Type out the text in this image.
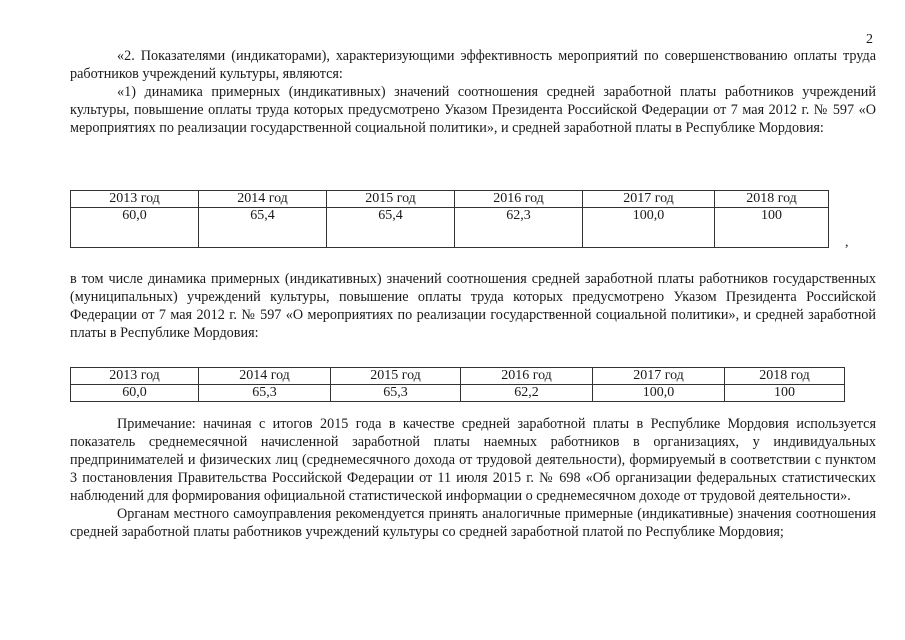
2

«2. Показателями (индикаторами), характеризующими эффективность мероприятий по совершенствованию оплаты труда работников учреждений культуры, являются:

«1) динамика примерных (индикативных) значений соотношения средней заработной платы работников учреждений культуры, повышение оплаты труда которых предусмотрено Указом Президента Российской Федерации от 7 мая 2012 г. № 597 «О мероприятиях по реализации государственной социальной политики», и средней заработной платы в Республике Мордовия:

2013 год	2014 год	2015 год	2016 год	2017 год	2018 год
60,0	65,4	65,4	62,3	100,0	100
,

в том числе динамика примерных (индикативных) значений соотношения средней заработной платы работников государственных (муниципальных) учреждений культуры, повышение оплаты труда которых предусмотрено Указом Президента Российской Федерации от 7 мая 2012 г. № 597 «О мероприятиях по реализации государственной социальной политики», и средней заработной платы в Республике Мордовия:

2013 год	2014 год	2015 год	2016 год	2017 год	2018 год
60,0	65,3	65,3	62,2	100,0	100

Примечание: начиная с итогов 2015 года в качестве средней заработной платы в Республике Мордовия используется показатель среднемесячной начисленной заработной платы наемных работников в организациях, у индивидуальных предпринимателей и физических лиц (среднемесячного дохода от трудовой деятельности), формируемый в соответствии с пунктом 3 постановления Правительства Российской Федерации от 11 июля 2015 г. № 698 «Об организации федеральных статистических наблюдений для формирования официальной статистической информации о среднемесячном доходе от трудовой деятельности».

Органам местного самоуправления рекомендуется принять аналогичные примерные (индикативные) значения соотношения средней заработной платы работников учреждений культуры со средней заработной платой по Республике Мордовия;
